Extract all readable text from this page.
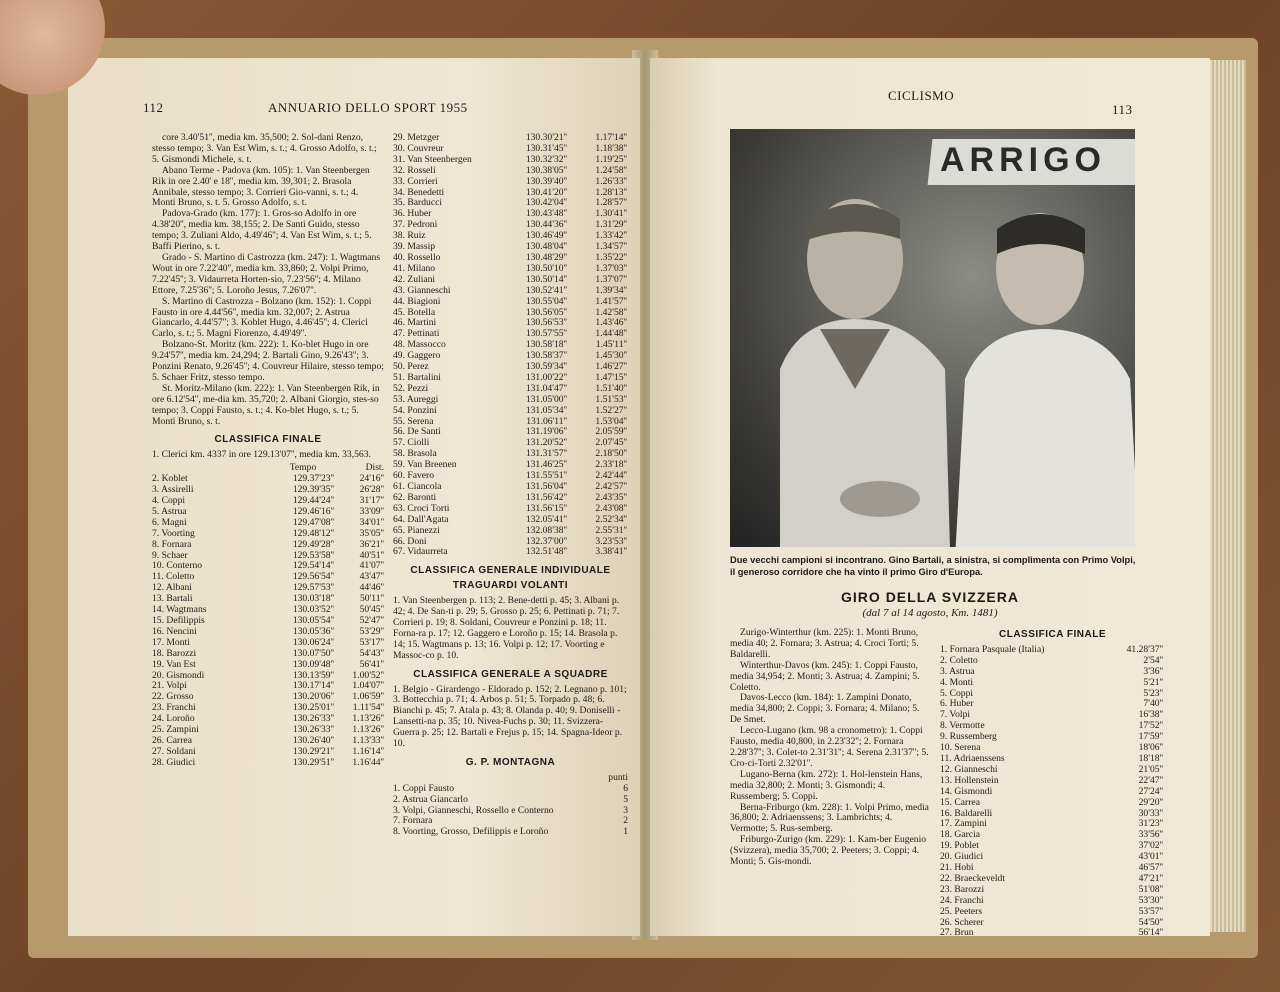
112	ANNUARIO DELLO SPORT 1955

core 3.40'51'', media km. 35,500; 2. Sol-dani Renzo, stesso tempo; 3. Van Est Wim, s. t.; 4. Grosso Adolfo, s. t.; 5. Gismondi Michele, s. t.

Abano Terme - Padova (km. 105): 1. Van Steenbergen Rik in ore 2.40' e 18'', media km. 39,301; 2. Brasola Annibale, stesso tempo; 3. Corrieri Gio-vanni, s. t.; 4. Monti Bruno, s. t. 5. Grosso Adolfo, s. t.

Padova-Grado (km. 177): 1. Gros-so Adolfo in ore 4.38'20'', media km. 38,155; 2. De Santi Guido, stesso tempo; 3. Zuliani Aldo, 4.49'46''; 4. Van Est Wim, s. t.; 5. Baffi Pierino, s. t.

Grado - S. Martino di Castrozza (km. 247): 1. Wagtmans Wout in ore 7.22'40'', media km. 33,860; 2. Volpi Primo, 7.22'45''; 3. Vidaurreta Horten-sio, 7.23'56''; 4. Milano Ettore, 7.25'36''; 5. Loroño Jesus, 7.26'07''.

S. Martino di Castrozza - Bolzano (km. 152): 1. Coppi Fausto in ore 4.44'56'', media km. 32,007; 2. Astrua Giancarlo, 4.44'57''; 3. Koblet Hugo, 4.46'45''; 4. Clerici Carlo, s. t.; 5. Magni Fiorenzo, 4.49'49''.

Bolzano-St. Moritz (km. 222): 1. Ko-blet Hugo in ore 9.24'57'', media km. 24,294; 2. Bartali Gino, 9.26'43''; 3. Ponzini Renato, 9.26'45''; 4. Couvreur Hilaire, stesso tempo; 5. Schaer Fritz, stesso tempo.

St. Moritz-Milano (km. 222): 1. Van Steenbergen Rik, in ore 6.12'54'', me-dia km. 35,720; 2. Albani Giorgio, stes-so tempo; 3. Coppi Fausto, s. t.; 4. Ko-blet Hugo, s. t.; 5. Monti Bruno, s. t.

CLASSIFICA FINALE

1. Clerici km. 4337 in ore 129.13'07'', media km. 33,563.

Tempo	Dist.
2. Koblet	129.37'23''	24'16''
3. Assirelli	129.39'35''	26'28''
4. Coppi	129.44'24''	31'17''
5. Astrua	129.46'16''	33'09''
6. Magni	129.47'08''	34'01''
7. Voorting	129.48'12''	35'05''
8. Fornara	129.49'28''	36'21''
9. Schaer	129.53'58''	40'51''
10. Conterno	129.54'14''	41'07''
11. Coletto	129.56'54''	43'47''
12. Albani	129.57'53''	44'46''
13. Bartali	130.03'18''	50'11''
14. Wagtmans	130.03'52''	50'45''
15. Defilippis	130.05'54''	52'47''
16. Nencini	130.05'36''	53'29''
17. Monti	130.06'24''	53'17''
18. Barozzi	130.07'50''	54'43''
19. Van Est	130.09'48''	56'41''
20. Gismondi	130.13'59''	1.00'52''
21. Volpi	130.17'14''	1.04'07''
22. Grosso	130.20'06''	1.06'59''
23. Franchi	130.25'01''	1.11'54''
24. Loroño	130.26'33''	1.13'26''
25. Zampini	130.26'33''	1.13'26''
26. Carrea	130.26'40''	1.13'33''
27. Soldani	130.29'21''	1.16'14''
28. Giudici	130.29'51''	1.16'44''
29. Metzger	130.30'21''	1.17'14''
30. Couvreur	130.31'45''	1.18'38''
31. Van Steenbergen	130.32'32''	1.19'25''
32. Rosseli	130.38'05''	1.24'58''
33. Corrieri	130.39'40''	1.26'33''
34. Benedetti	130.41'20''	1.28'13''
35. Barducci	130.42'04''	1.28'57''
36. Huber	130.43'48''	1.30'41''
37. Pedroni	130.44'36''	1.31'29''
38. Ruiz	130.46'49''	1.33'42''
39. Massip	130.48'04''	1.34'57''
40. Rossello	130.48'29''	1.35'22''
41. Milano	130.50'10''	1.37'03''
42. Zuliani	130.50'14''	1.37'07''
43. Gianneschi	130.52'41''	1.39'34''
44. Biagioni	130.55'04''	1.41'57''
45. Botella	130.56'05''	1.42'58''
46. Martini	130.56'53''	1.43'46''
47. Pettinati	130.57'55''	1.44'48''
48. Massocco	130.58'18''	1.45'11''
49. Gaggero	130.58'37''	1.45'30''
50. Perez	130.59'34''	1.46'27''
51. Bartalini	131.00'22''	1.47'15''
52. Pezzi	131.04'47''	1.51'40''
53. Aureggi	131.05'00''	1.51'53''
54. Ponzini	131.05'34''	1.52'27''
55. Serena	131.06'11''	1.53'04''
56. De Santi	131.19'06''	2.05'59''
57. Ciolli	131.20'52''	2.07'45''
58. Brasola	131.31'57''	2.18'50''
59. Van Breenen	131.46'25''	2.33'18''
60. Favero	131.55'51''	2.42'44''
61. Ciancola	131.56'04''	2.42'57''
62. Baronti	131.56'42''	2.43'35''
63. Croci Torti	131.56'15''	2.43'08''
64. Dall'Agata	132.05'41''	2.52'34''
65. Pianezzi	132.08'38''	2.55'31''
66. Doni	132.37'00''	3.23'53''
67. Vidaurreta	132.51'48''	3.38'41''
CLASSIFICA GENERALE INDIVIDUALE
TRAGUARDI VOLANTI

1. Van Steenbergen p. 113; 2. Bene-detti p. 45; 3. Albani p. 42; 4. De San-ti p. 29; 5. Grosso p. 25; 6. Pettinati p. 71; 7. Corrieri p. 19; 8. Soldani, Couvreur e Ponzini p. 18; 11. Forna-ra p. 17; 12. Gaggero e Loroño p. 15; 14. Brasola p. 14; 15. Wagtmans p. 13; 16. Volpi p. 12; 17. Voorting e Massoc-co p. 10.

CLASSIFICA GENERALE A SQUADRE

1. Belgio - Girardengo - Eldorado p. 152; 2. Legnano p. 101; 3. Bottecchia p. 71; 4. Arbos p. 51; 5. Torpado p. 48; 6. Bianchi p. 45; 7. Atala p. 43; 8. Olanda p. 40; 9. Doniselli - Lansetti-na p. 35; 10. Nivea-Fuchs p. 30; 11. Svizzera-Guerra p. 25; 12. Bartali e Frejus p. 15; 14. Spagna-Ideor p. 10.

G. P. MONTAGNA
punti
1. Coppi Fausto	6
2. Astrua Giancarlo	5
3. Volpi, Gianneschi, Rossello e Conterno	3
7. Fornara	2
8. Voorting, Grosso, Defilippis e Loroño	1
CICLISMO
113
ARRIGO
Due vecchi campioni si incontrano. Gino Bartali, a sinistra, si complimenta con Primo Volpi, il generoso corridore che ha vinto il primo Giro d'Europa.
GIRO DELLA SVIZZERA
(dal 7 al 14 agosto, Km. 1481)

Zurigo-Winterthur (km. 225): 1. Monti Bruno, media 40; 2. Fornara; 3. Astrua; 4. Croci Torti; 5. Baldarelli.

Winterthur-Davos (km. 245): 1. Coppi Fausto, media 34,954; 2. Monti; 3. Astrua; 4. Zampini; 5. Coletto.

Davos-Lecco (km. 184): 1. Zampini Donato, media 34,800; 2. Coppi; 3. Fornara; 4. Milano; 5. De Smet.

Lecco-Lugano (km. 98 a cronometro): 1. Coppi Fausto, media 40,800, in 2.23'32''; 2. Fornara 2.28'37''; 3. Colet-to 2.31'31''; 4. Serena 2.31'37''; 5. Cro-ci-Torti 2.32'01''.

Lugano-Berna (km. 272): 1. Hol-lenstein Hans, media 32,800; 2. Monti; 3. Gismondi; 4. Russemberg; 5. Coppi.

Berna-Friburgo (km. 228): 1. Volpi Primo, media 36,800; 2. Adriaenssens; 3. Lambrichts; 4. Vermotte; 5. Rus-semberg.

Friburgo-Zurigo (km. 229): 1. Kam-ber Eugenio (Svizzera), media 35,700; 2. Peeters; 3. Coppi; 4. Monti; 5. Gis-mondi.

CLASSIFICA FINALE
1. Fornara Pasquale (Italia)	41.28'37''
2. Coletto	2'54''
3. Astrua	3'36''
4. Monti	5'21''
5. Coppi	5'23''
6. Huber	7'40''
7. Volpi	16'38''
8. Vermotte	17'52''
9. Russemberg	17'59''
10. Serena	18'06''
11. Adriaenssens	18'18''
12. Gianneschi	21'05''
13. Hollenstein	22'47''
14. Gismondi	27'24''
15. Carrea	29'20''
16. Baldarelli	30'33''
17. Zampini	31'23''
18. Garcia	33'56''
19. Poblet	37'02''
20. Giudici	43'01''
21. Hobi	46'57''
22. Braeckeveldt	47'21''
23. Barozzi	51'08''
24. Franchi	53'30''
25. Peeters	53'57''
26. Scherer	54'50''
27. Brun	56'14''
